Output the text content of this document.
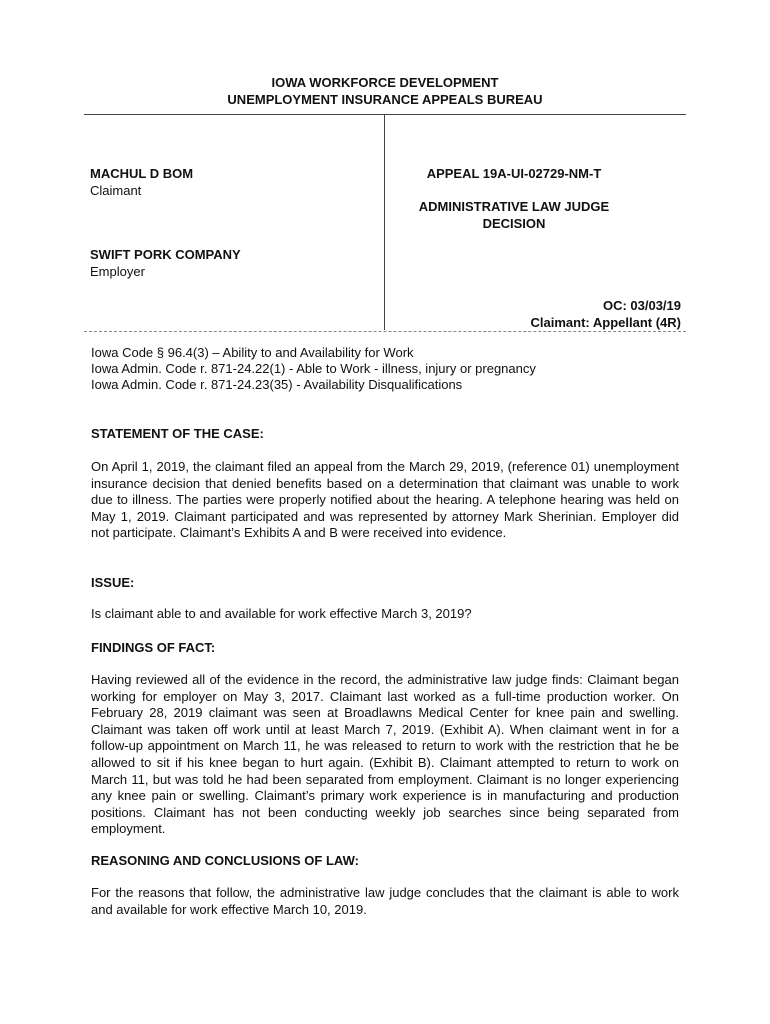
IOWA WORKFORCE DEVELOPMENT
UNEMPLOYMENT INSURANCE APPEALS BUREAU
MACHUL D BOM
Claimant
SWIFT PORK COMPANY
Employer
APPEAL 19A-UI-02729-NM-T
ADMINISTRATIVE LAW JUDGE
DECISION
OC: 03/03/19
Claimant: Appellant (4R)
Iowa Code § 96.4(3) – Ability to and Availability for Work
Iowa Admin. Code r. 871-24.22(1) - Able to Work - illness, injury or pregnancy
Iowa Admin. Code r. 871-24.23(35) - Availability Disqualifications
STATEMENT OF THE CASE:

On April 1, 2019, the claimant filed an appeal from the March 29, 2019, (reference 01) unemployment insurance decision that denied benefits based on a determination that claimant was unable to work due to illness. The parties were properly notified about the hearing. A telephone hearing was held on May 1, 2019. Claimant participated and was represented by attorney Mark Sherinian. Employer did not participate. Claimant’s Exhibits A and B were received into evidence.

ISSUE:

Is claimant able to and available for work effective March 3, 2019?

FINDINGS OF FACT:

Having reviewed all of the evidence in the record, the administrative law judge finds: Claimant began working for employer on May 3, 2017. Claimant last worked as a full-time production worker. On February 28, 2019 claimant was seen at Broadlawns Medical Center for knee pain and swelling. Claimant was taken off work until at least March 7, 2019. (Exhibit A). When claimant went in for a follow-up appointment on March 11, he was released to return to work with the restriction that he be allowed to sit if his knee began to hurt again. (Exhibit B). Claimant attempted to return to work on March 11, but was told he had been separated from employment. Claimant is no longer experiencing any knee pain or swelling. Claimant’s primary work experience is in manufacturing and production positions. Claimant has not been conducting weekly job searches since being separated from employment.

REASONING AND CONCLUSIONS OF LAW:

For the reasons that follow, the administrative law judge concludes that the claimant is able to work and available for work effective March 10, 2019.
